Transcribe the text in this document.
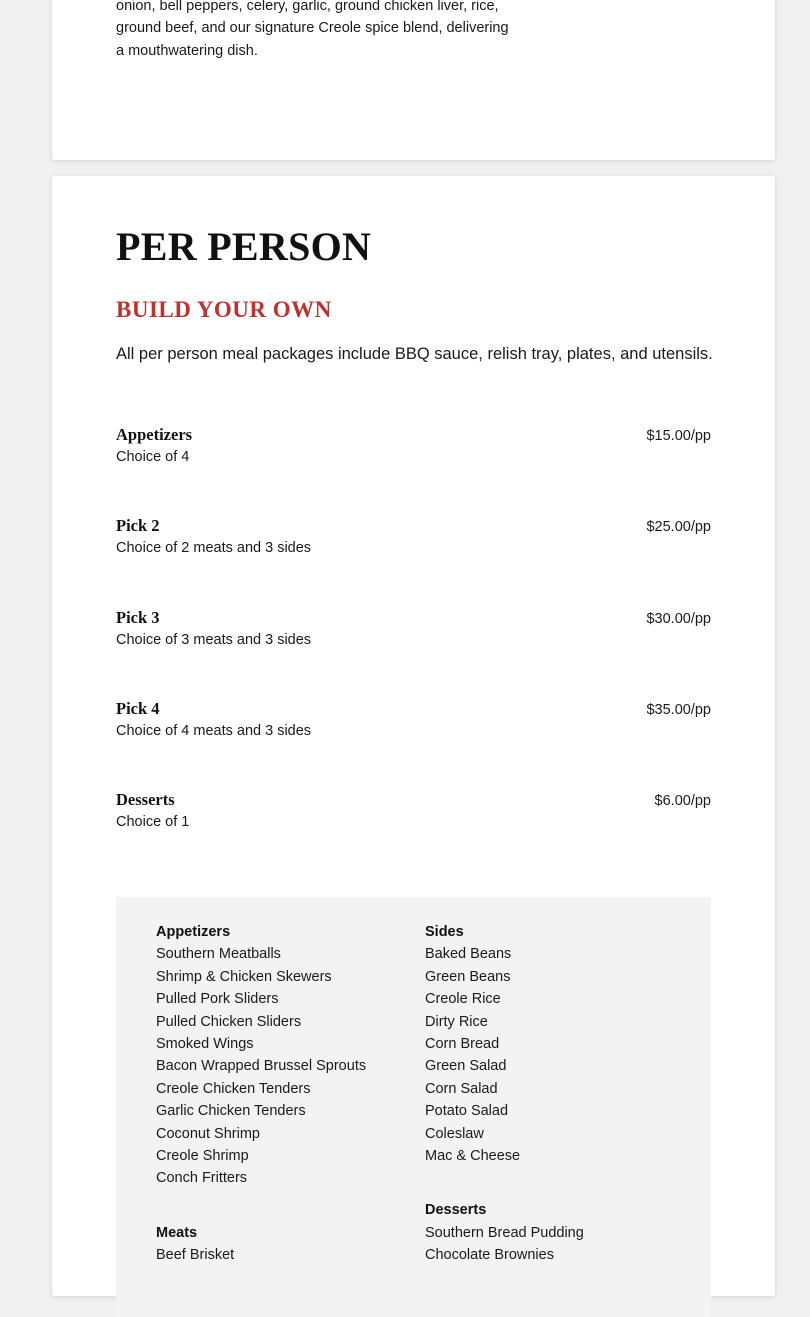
onion, bell peppers, celery, garlic, ground chicken liver, rice, ground beef, and our signature Creole spice blend, delivering a mouthwatering dish.

PER PERSON
BUILD YOUR OWN

All per person meal packages include BBQ sauce, relish tray, plates, and utensils.

Appetizers
Choice of 4
$15.00/pp
Pick 2
Choice of 2 meats and 3 sides
$25.00/pp
Pick 3
Choice of 3 meats and 3 sides
$30.00/pp
Pick 4
Choice of 4 meats and 3 sides
$35.00/pp
Desserts
Choice of 1
$6.00/pp
Appetizers
Southern Meatballs
Shrimp & Chicken Skewers
Pulled Pork Sliders
Pulled Chicken Sliders
Smoked Wings
Bacon Wrapped Brussel Sprouts
Creole Chicken Tenders
Garlic Chicken Tenders
Coconut Shrimp
Creole Shrimp
Conch Fritters
Meats
Beef Brisket
Sides
Baked Beans
Green Beans
Creole Rice
Dirty Rice
Corn Bread
Green Salad
Corn Salad
Potato Salad
Coleslaw
Mac & Cheese
Desserts
Southern Bread Pudding
Chocolate Brownies
